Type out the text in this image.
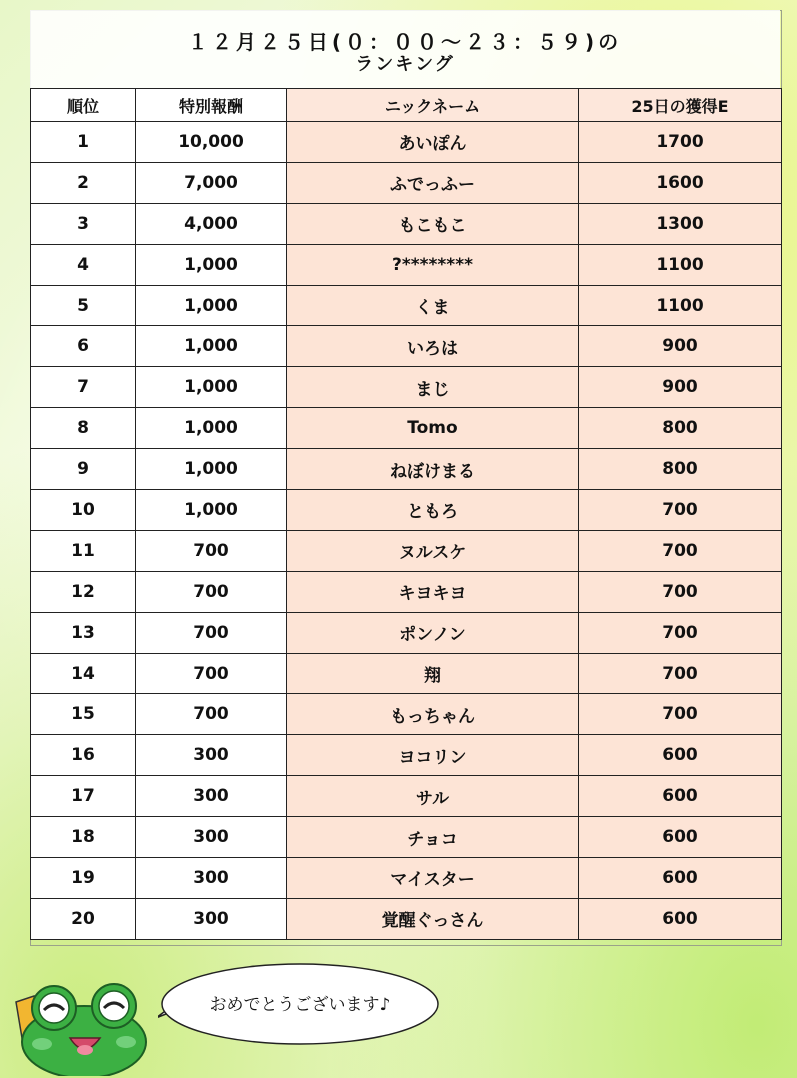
１２月２５日(０：００～２３：５９)の
ランキング
順位	特別報酬	ニックネーム	25日の獲得E
1	10,000	あいぽん	1700
2	7,000	ふでっふー	1600
3	4,000	もこもこ	1300
4	1,000	?********	1100
5	1,000	くま	1100
6	1,000	いろは	900
7	1,000	まじ	900
8	1,000	Tomo	800
9	1,000	ねぼけまる	800
10	1,000	ともろ	700
11	700	ヌルスケ	700
12	700	キヨキヨ	700
13	700	ポンノン	700
14	700	翔	700
15	700	もっちゃん	700
16	300	ヨコリン	600
17	300	サル	600
18	300	チョコ	600
19	300	マイスター	600
20	300	覚醒ぐっさん	600
おめでとうございます♪
